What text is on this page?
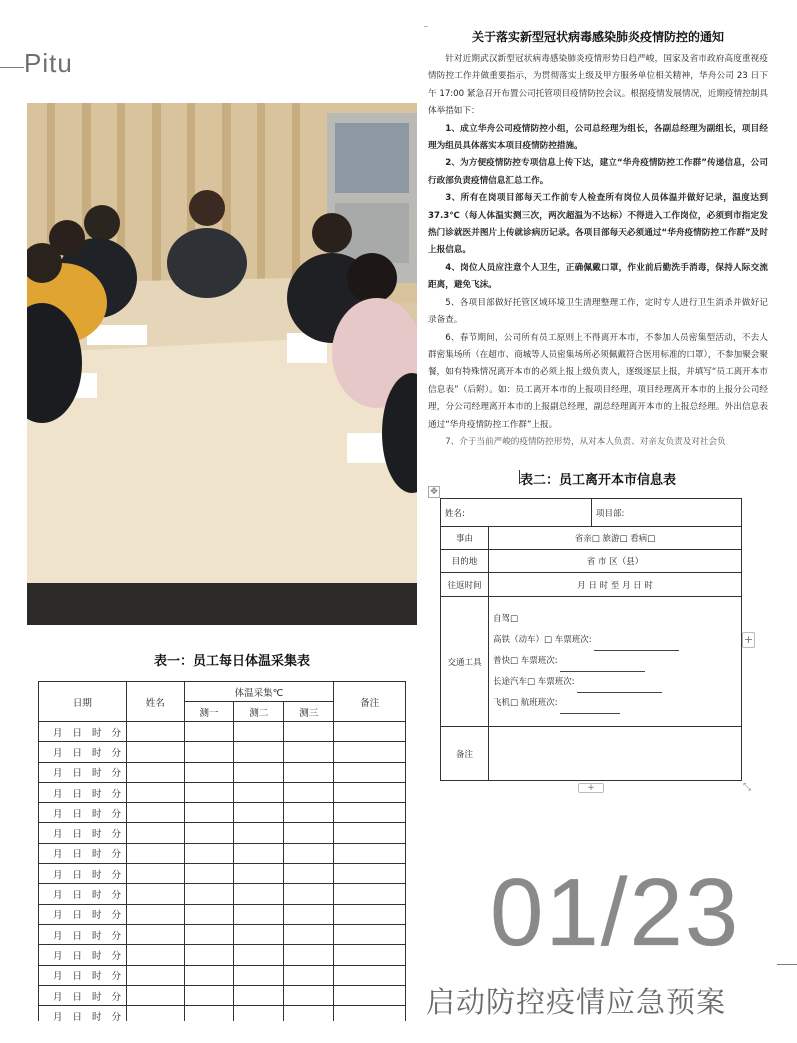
Pitu
关于落实新型冠状病毒感染肺炎疫情防控的通知

针对近期武汉新型冠状病毒感染肺炎疫情形势日趋严峻，国家及省市政府高度重视疫情防控工作并做重要指示，为贯彻落实上级及甲方服务单位相关精神，华舟公司 23 日下午 17:00 紧急召开布置公司托管项目疫情防控会议。根据疫情发展情况，近期疫情控制具体举措如下：

1、成立华舟公司疫情防控小组，公司总经理为组长，各副总经理为副组长，项目经理为组员具体落实本项目疫情防控措施。

2、为方便疫情防控专项信息上传下达，建立“华舟疫情防控工作群”传递信息，公司行政部负责疫情信息汇总工作。

3、所有在岗项目部每天工作前专人检查所有岗位人员体温并做好记录，温度达到 37.3℃（每人体温实测三次，两次超温为不达标）不得进入工作岗位，必须到市指定发热门诊就医并图片上传就诊病历记录。各项目部每天必须通过“华舟疫情防控工作群”及时上报信息。

4、岗位人员应注意个人卫生，正确佩戴口罩，作业前后勤洗手消毒，保持人际交流距离，避免飞沫。

5、各项目部做好托管区域环境卫生清理整理工作，定时专人进行卫生消杀并做好记录备查。

6、春节期间，公司所有员工原则上不得离开本市，不参加人员密集型活动，不去人群密集场所（在超市、商城等人员密集场所必须佩戴符合医用标准的口罩），不参加聚会聚餐，如有特殊情况离开本市的必须上报上级负责人，逐级逐层上报，并填写“员工离开本市信息表”（后附）。如：员工离开本市的上报项目经理，项目经理离开本市的上报分公司经理，分公司经理离开本市的上报副总经理，副总经理离开本市的上报总经理。外出信息表通过“华舟疫情防控工作群”上报。

7、介于当前严峻的疫情防控形势，从对本人负责、对亲友负责及对社会负

表二：员工离开本市信息表
✥
姓名:		项目部:
事由	省亲□ 旅游□ 看病□	
目的地	省 市 区（县）	
往返时间	月 日 时 至 月 日 时	
交通工具	自驾□
高铁（动车）□ 车票班次:
普快□ 车票班次:
长途汽车□ 车票班次:
飞机□ 航班班次:	

备注		
+
+	⤡
表一：员工每日体温采集表
日期	姓名	体温采集℃			备注
		测一	测二	测三	
月 日 时 分					
月 日 时 分					
月 日 时 分					
月 日 时 分					
月 日 时 分					
月 日 时 分					
月 日 时 分					
月 日 时 分					
月 日 时 分					
月 日 时 分					
月 日 时 分					
月 日 时 分					
月 日 时 分					
月 日 时 分					
月 日 时 分					
01/23
启动防控疫情应急预案
